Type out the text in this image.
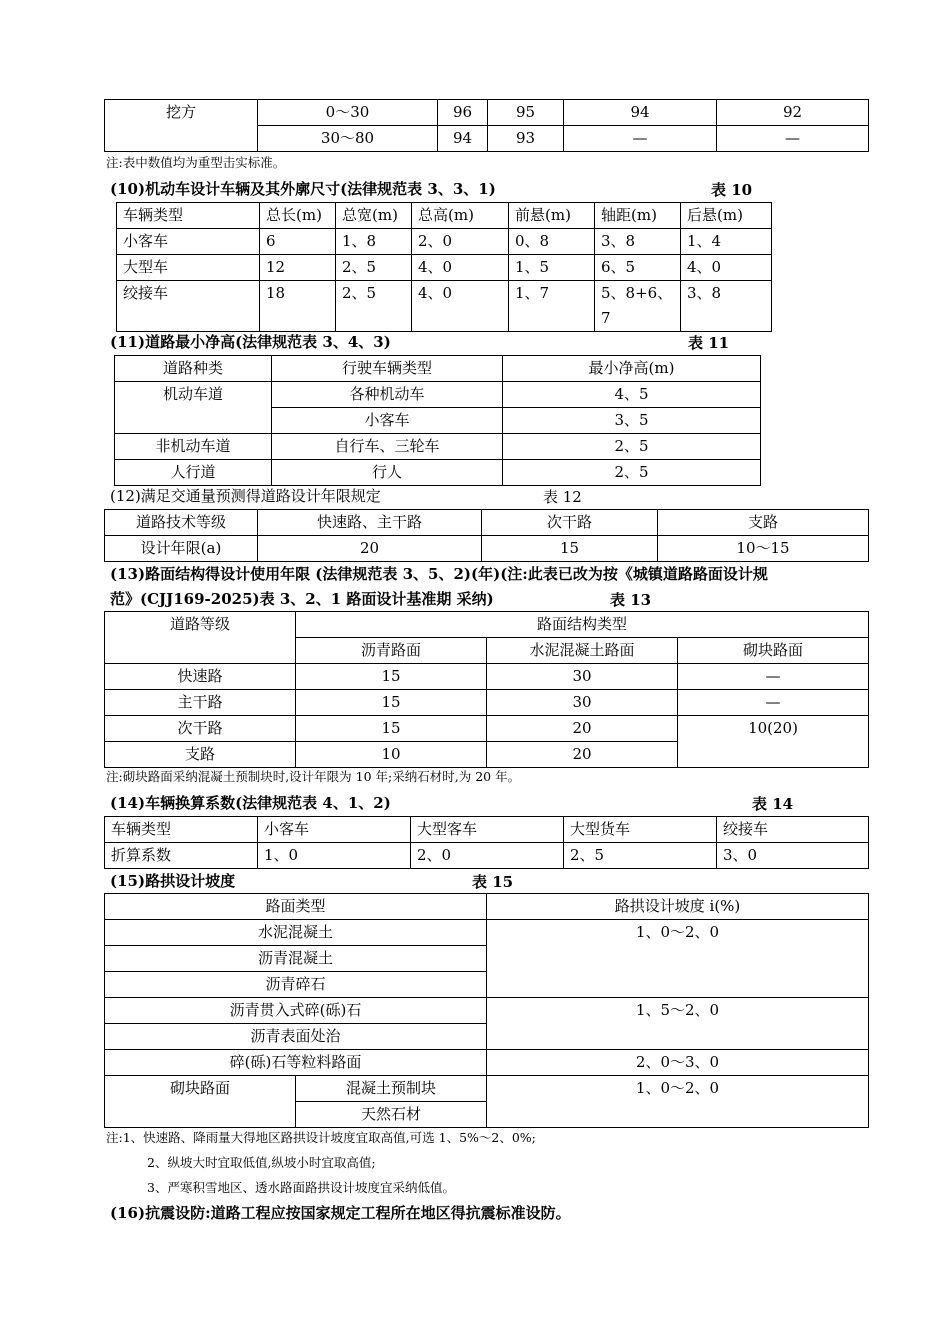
挖方	0～30	96	95	94	92
	30～80	94	93	—	—
注:表中数值均为重型击实标准。
(10)机动车设计车辆及其外廓尺寸(法律规范表 3、3、1)	表 10
车辆类型	总长(m)	总宽(m)	总高(m)	前悬(m)	轴距(m)	后悬(m)
小客车	6	1、8	2、0	0、8	3、8	1、4
大型车	12	2、5	4、0	1、5	6、5	4、0
绞接车	18	2、5	4、0	1、7	5、8+6、7	3、8
(11)道路最小净高(法律规范表 3、4、3)	表 11
道路种类	行驶车辆类型	最小净高(m)
机动车道	各种机动车	4、5
	小客车	3、5
非机动车道	自行车、三轮车	2、5
人行道	行人	2、5
(12)满足交通量预测得道路设计年限规定	表 12
道路技术等级	快速路、主干路	次干路	支路
设计年限(a)	20	15	10～15
(13)路面结构得设计使用年限 (法律规范表 3、5、2)(年)(注:此表已改为按《城镇道路路面设计规
范》(CJJ169-2025)表 3、2、1 路面设计基准期 采纳)	表 13
道路等级	路面结构类型		
	沥青路面	水泥混凝土路面	砌块路面
快速路	15	30	—
主干路	15	30	—
次干路	15	20	10(20)
支路	10	20	
注:砌块路面采纳混凝土预制块时,设计年限为 10 年;采纳石材时,为 20 年。
(14)车辆换算系数(法律规范表 4、1、2)	表 14
车辆类型	小客车	大型客车	大型货车	绞接车
折算系数	1、0	2、0	2、5	3、0
(15)路拱设计坡度	表 15
路面类型		路拱设计坡度 i(%)
水泥混凝土		1、0～2、0
沥青混凝土		
沥青碎石		
沥青贯入式碎(砾)石		1、5～2、0
沥青表面处治		
碎(砾)石等粒料路面		2、0～3、0
砌块路面	混凝土预制块	1、0～2、0
	天然石材	
注:1、快速路、降雨量大得地区路拱设计坡度宜取高值,可选 1、5%～2、0%;
2、纵坡大时宜取低值,纵坡小时宜取高值;
3、严寒积雪地区、透水路面路拱设计坡度宜采纳低值。
(16)抗震设防:道路工程应按国家规定工程所在地区得抗震标准设防。
